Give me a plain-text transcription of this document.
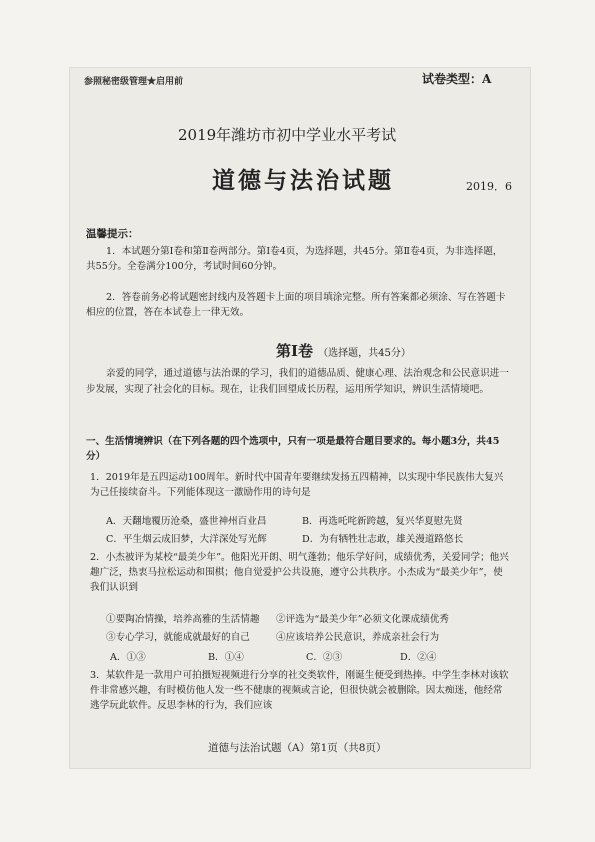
参照秘密级管理★启用前	试卷类型：A
2019年潍坊市初中学业水平考试
道德与法治试题	2019．6
温馨提示：
1．本试题分第Ⅰ卷和第Ⅱ卷两部分。第Ⅰ卷4页，为选择题，共45分。第Ⅱ卷4页，为非选择题，共55分。全卷满分100分，考试时间60分钟。
2．答卷前务必将试题密封线内及答题卡上面的项目填涂完整。所有答案都必须涂、写在答题卡相应的位置，答在本试卷上一律无效。
第Ⅰ卷 （选择题，共45分）
亲爱的同学，通过道德与法治课的学习，我们的道德品质、健康心理、法治观念和公民意识进一步发展，实现了社会化的目标。现在，让我们回望成长历程，运用所学知识，辨识生活情境吧。
一、生活情境辨识（在下列各题的四个选项中，只有一项是最符合题目要求的。每小题3分，共45分）
1．2019年是五四运动100周年。新时代中国青年要继续发扬五四精神，以实现中华民族伟大复兴为己任接续奋斗。下列能体现这一激励作用的诗句是
A．天翻地覆历沧桑，盛世神州百业昌	B．再选吒咤新跨越，复兴华夏慰先贤
C．平生烟云成旧梦，大洋深处写光辉	D．为有牺牲壮志敢，雄关漫道路悠长
2．小杰被评为某校“最美少年”。他阳光开朗、明气蓬勃；他乐学好问，成绩优秀，关爱同学；他兴趣广泛，热衷马拉松运动和围棋；他自觉爱护公共设施，遵守公共秩序。小杰成为“最美少年”，使我们认识到
①要陶冶情操，培养高雅的生活情趣 ②评选为“最美少年”必须文化课成绩优秀
③专心学习，就能成就最好的自己	④应该培养公民意识，养成亲社会行为
A．①③	B．①④	C．②③	D．②④
3．某软件是一款用户可拍摄短视频进行分享的社交类软件，刚诞生便受到热捧。中学生李林对该软件非常感兴趣，有时模仿他人发一些不健康的视频或言论，但很快就会被删除。因太痴迷，他经常逃学玩此软件。反思李林的行为，我们应该
道德与法治试题（A）第1页（共8页）
